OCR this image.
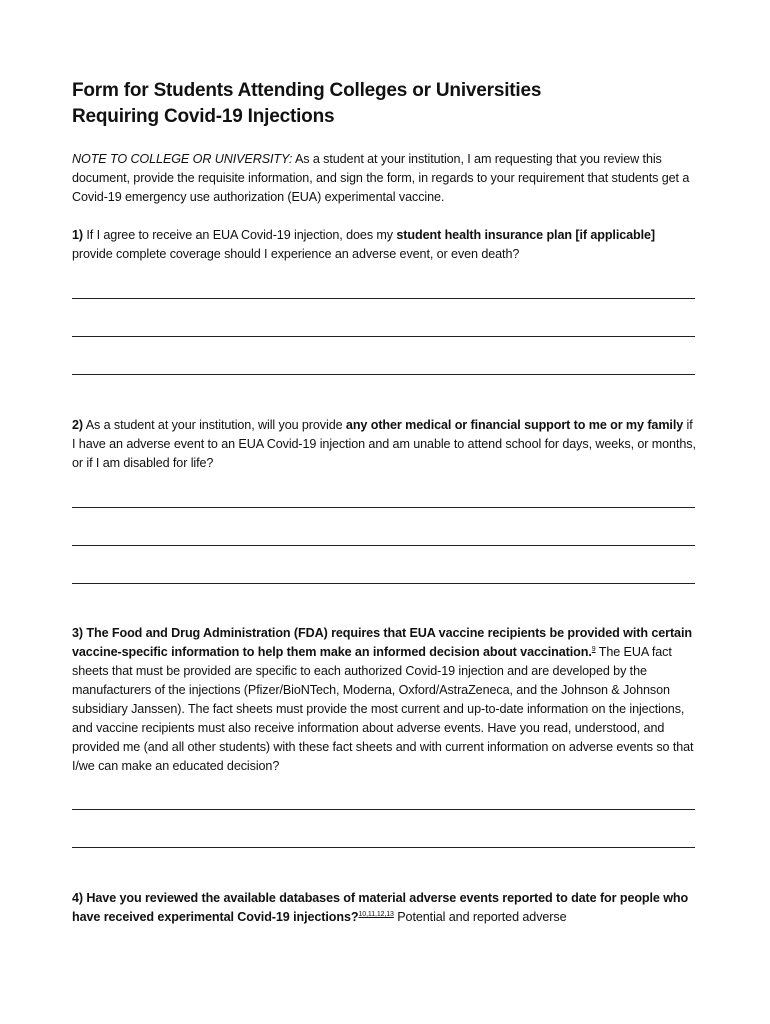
Form for Students Attending Colleges or Universities
Requiring Covid-19 Injections
NOTE TO COLLEGE OR UNIVERSITY: As a student at your institution, I am requesting that you review this document, provide the requisite information, and sign the form, in regards to your requirement that students get a Covid-19 emergency use authorization (EUA) experimental vaccine.
1) If I agree to receive an EUA Covid-19 injection, does my student health insurance plan [if applicable] provide complete coverage should I experience an adverse event, or even death?
2) As a student at your institution, will you provide any other medical or financial support to me or my family if I have an adverse event to an EUA Covid-19 injection and am unable to attend school for days, weeks, or months, or if I am disabled for life?
3) The Food and Drug Administration (FDA) requires that EUA vaccine recipients be provided with certain vaccine-specific information to help them make an informed decision about vaccination.$^9$ The EUA fact sheets that must be provided are specific to each authorized Covid-19 injection and are developed by the manufacturers of the injections (Pfizer/BioNTech, Moderna, Oxford/AstraZeneca, and the Johnson & Johnson subsidiary Janssen). The fact sheets must provide the most current and up-to-date information on the injections, and vaccine recipients must also receive information about adverse events. Have you read, understood, and provided me (and all other students) with these fact sheets and with current information on adverse events so that I/we can make an educated decision?
4) Have you reviewed the available databases of material adverse events reported to date for people who have received experimental Covid-19 injections?$^{10,11,12,13}$ Potential and reported adverse
